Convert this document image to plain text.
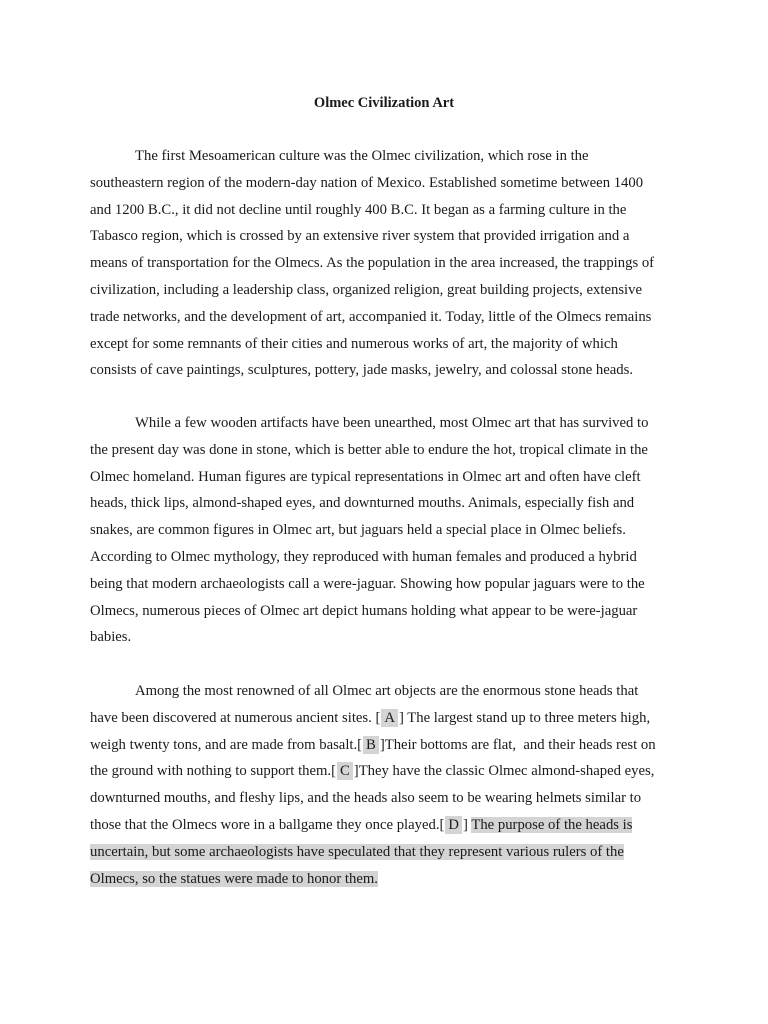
Olmec Civilization Art
The first Mesoamerican culture was the Olmec civilization, which rose in the
southeastern region of the modern-day nation of Mexico. Established sometime between 1400
and 1200 B.C., it did not decline until roughly 400 B.C. It began as a farming culture in the
Tabasco region, which is crossed by an extensive river system that provided irrigation and a
means of transportation for the Olmecs. As the population in the area increased, the trappings of
civilization, including a leadership class, organized religion, great building projects, extensive
trade networks, and the development of art, accompanied it. Today, little of the Olmecs remains
except for some remnants of their cities and numerous works of art, the majority of which
consists of cave paintings, sculptures, pottery, jade masks, jewelry, and colossal stone heads.
While a few wooden artifacts have been unearthed, most Olmec art that has survived to
the present day was done in stone, which is better able to endure the hot, tropical climate in the
Olmec homeland. Human figures are typical representations in Olmec art and often have cleft
heads, thick lips, almond-shaped eyes, and downturned mouths. Animals, especially fish and
snakes, are common figures in Olmec art, but jaguars held a special place in Olmec beliefs.
According to Olmec mythology, they reproduced with human females and produced a hybrid
being that modern archaeologists call a were-jaguar. Showing how popular jaguars were to the
Olmecs, numerous pieces of Olmec art depict humans holding what appear to be were-jaguar
babies.
Among the most renowned of all Olmec art objects are the enormous stone heads that
have been discovered at numerous ancient sites. [ A ] The largest stand up to three meters high,
weigh twenty tons, and are made from basalt.[ B ]Their bottoms are flat,  and their heads rest on
the ground with nothing to support them.[ C ]They have the classic Olmec almond-shaped eyes,
downturned mouths, and fleshy lips, and the heads also seem to be wearing helmets similar to
those that the Olmecs wore in a ballgame they once played.[ D ] The purpose of the heads is
uncertain, but some archaeologists have speculated that they represent various rulers of the
Olmecs, so the statues were made to honor them.
